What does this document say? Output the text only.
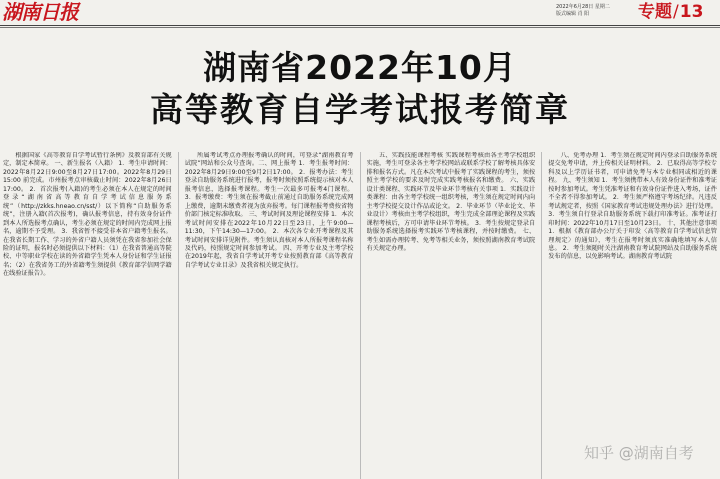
湖南日报	2022年6月28日 星期二
版式编辑 肖 阳	专题/13
湖南省2022年10月
高等教育自学考试报考简章

根据国家《高等教育自学考试暂行条例》及教育部有关规定，制定本简章。 一、新生报名（入籍） 1．考生申请时间：2022年8月22日9:00至8月27日17:00。2022年8月29日15:00 前完成。市州报考点审核截止时间：2022年8月26日17:00。 2．首次报考(入籍)的考生必须在本人在规定的时间登录“湖南省高等教育自学考试信息服务系统”（http://zkks.hneao.cn/sst/）以下简称“自助服务系统”，注册入籍(首次报考)，确认报考信息，持有效身份证件到本人所选报考点确认，考生必须在规定的时间内完成网上报名，逾期不予受理。 3．我省暂不接受非本省户籍考生报名。在我省长期工作、学习的外省户籍人员须凭在我省参加社会保险的证明，报名时必须提供以下材料：（1）在我省普通高等院校、中等职业学校在读的外省籍学生凭本人身份证和学生证报名；（2）在我省务工的外省籍考生须提供《教育部学信网学籍在线验证报告》。

所属考试考点办理报考确认的时间，可登录“湖南教育考试院”网站和公众号查询。二、网上报考 1．考生报考时间：2022年8月29日9:00至9月2日17:00。 2．报考办法：考生登录自助服务系统进行报考，报考时须按照系统提示核对本人报考信息，选择报考课程。考生一次最多可报考4门课程。 3．报考缴费：考生须在报考截止前通过自助服务系统完成网上缴费，逾期未缴费者视为放弃报考。每门课程报考费按省物价部门核定标准收取。 三、考试时间及理论课程安排 1．本次考试时间安排在2022年10月22日至23日，上午9:00—11:30，下午14:30—17:00。 2．本次各专业开考课程及其考试时间安排详见附件。考生须认真核对本人所报考课程名称及代码，按照规定时间参加考试。 四、开考专业及主考学校 在2019年起，我省自学考试开考专业按照教育部《高等教育自学考试专业目录》及我省相关规定执行。

五、实践技能课程考核 实践课程考核由各主考学校组织实施，考生可登录各主考学校网站或联系学校了解考核具体安排和报名方式。凡在本次考试中报考了实践课程的考生，须按照主考学校的要求及时完成实践考核报名和缴费。 六、实践设计类课程、实践环节及毕业环节考核有关事项 1．实践设计类课程：由各主考学校统一组织考核，考生须在规定时间内向主考学校提交设计作品或论文。 2．毕业环节（毕业论文、毕业设计）考核由主考学校组织，考生完成全部理论课程及实践课程考核后，方可申请毕业环节考核。 3．考生按规定登录自助服务系统选择报考实践环节考核课程，并按时缴费。 七、考生如需办理转考、免考等相关业务，须按照湖南教育考试院有关规定办理。

八、免考办理 1．考生须在规定时间内登录自助服务系统提交免考申请，并上传相关证明材料。 2．已取得高等学校专科及以上学历证书者，可申请免考与本专业相同或相近的课程。 九、考生须知 1．考生须携带本人有效身份证件和准考证按时参加考试。考生凭准考证和有效身份证件进入考场，证件不全者不得参加考试。 2．考生须严格遵守考场纪律。凡违反考试规定者，按照《国家教育考试违规处理办法》进行处理。 3．考生须自行登录自助服务系统下载打印准考证。准考证打印时间：2022年10月17日至10月23日。 十、其他注意事项 1．根据《教育部办公厅关于印发〈高等教育自学考试信息管理规定〉的通知》，考生在报考时须真实准确地填写本人信息。 2．考生须随时关注湖南教育考试院网站及自助服务系统发布的信息，以免影响考试。湖南教育考试院

知乎 @湖南自考
